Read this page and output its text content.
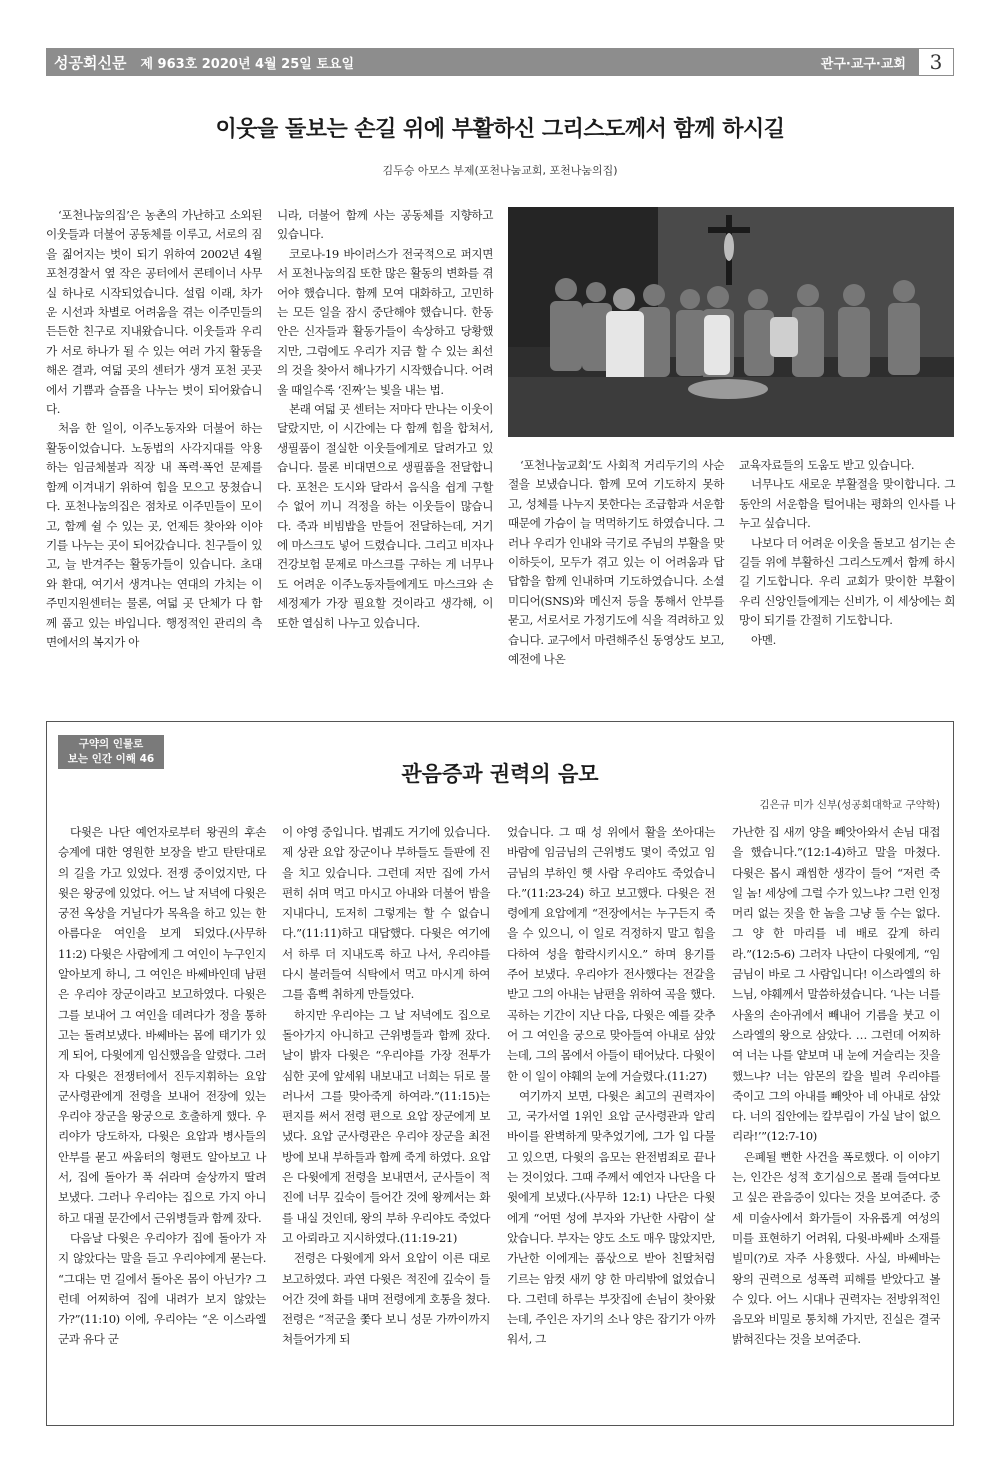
성공회신문 제 963호 2020년 4월 25일 토요일	관구·교구·교회	3
이웃을 돌보는 손길 위에 부활하신 그리스도께서 함께 하시길
김두승 아모스 부제(포천나눔교회, 포천나눔의집)

‘포천나눔의집’은 농촌의 가난하고 소외된 이웃들과 더불어 공동체를 이루고, 서로의 짐을 짊어지는 벗이 되기 위하여 2002년 4월 포천경찰서 옆 작은 공터에서 콘테이너 사무실 하나로 시작되었습니다. 설립 이래, 차가운 시선과 차별로 어려움을 겪는 이주민들의 든든한 친구로 지내왔습니다. 이웃들과 우리가 서로 하나가 될 수 있는 여러 가지 활동을 해온 결과, 여덟 곳의 센터가 생겨 포천 곳곳에서 기쁨과 슬픔을 나누는 벗이 되어왔습니다.

처음 한 일이, 이주노동자와 더불어 하는 활동이었습니다. 노동법의 사각지대를 악용하는 임금체불과 직장 내 폭력·폭언 문제를 함께 이겨내기 위하여 힘을 모으고 뭉쳤습니다. 포천나눔의집은 점차로 이주민들이 모이고, 함께 쉴 수 있는 곳, 언제든 찾아와 이야기를 나누는 곳이 되어갔습니다. 친구들이 있고, 늘 반겨주는 활동가들이 있습니다. 초대와 환대, 여기서 생겨나는 연대의 가치는 이주민지원센터는 물론, 여덟 곳 단체가 다 함께 품고 있는 바입니다. 행정적인 관리의 측면에서의 복지가 아

니라, 더불어 함께 사는 공동체를 지향하고 있습니다.

코로나-19 바이러스가 전국적으로 퍼지면서 포천나눔의집 또한 많은 활동의 변화를 겪어야 했습니다. 함께 모여 대화하고, 고민하는 모든 일을 잠시 중단해야 했습니다. 한동안은 신자들과 활동가들이 속상하고 당황했지만, 그럼에도 우리가 지금 할 수 있는 최선의 것을 찾아서 해나가기 시작했습니다. 어려울 때일수록 ‘진짜’는 빛을 내는 법.

본래 여덟 곳 센터는 저마다 만나는 이웃이 달랐지만, 이 시간에는 다 함께 힘을 합쳐서, 생필품이 절실한 이웃들에게로 달려가고 있습니다. 물론 비대면으로 생필품을 전달합니다. 포천은 도시와 달라서 음식을 쉽게 구할 수 없어 끼니 걱정을 하는 이웃들이 많습니다. 죽과 비빔밥을 만들어 전달하는데, 거기에 마스크도 넣어 드렸습니다. 그리고 비자나 건강보험 문제로 마스크를 구하는 게 너무나도 어려운 이주노동자들에게도 마스크와 손 세정제가 가장 필요할 것이라고 생각해, 이 또한 열심히 나누고 있습니다.

‘포천나눔교회’도 사회적 거리두기의 사순절을 보냈습니다. 함께 모여 기도하지 못하고, 성체를 나누지 못한다는 조급함과 서운함 때문에 가슴이 늘 먹먹하기도 하였습니다. 그러나 우리가 인내와 극기로 주님의 부활을 맞이하듯이, 모두가 겪고 있는 이 어려움과 답답함을 함께 인내하며 기도하였습니다. 소셜미디어(SNS)와 메신저 등을 통해서 안부를 묻고, 서로서로 가정기도에 식을 격려하고 있습니다. 교구에서 마련해주신 동영상도 보고, 예전에 나온

교육자료들의 도움도 받고 있습니다.

너무나도 새로운 부활절을 맞이합니다. 그동안의 서운함을 털어내는 평화의 인사를 나누고 싶습니다.

나보다 더 어려운 이웃을 돌보고 섬기는 손길들 위에 부활하신 그리스도께서 함께 하시길 기도합니다. 우리 교회가 맞이한 부활이 우리 신앙인들에게는 신비가, 이 세상에는 희망이 되기를 간절히 기도합니다.

아멘.

구약의 인물로
보는 인간 이해 46
관음증과 권력의 음모
김은규 미가 신부(성공회대학교 구약학)

다윗은 나단 예언자로부터 왕권의 후손 승계에 대한 영원한 보장을 받고 탄탄대로의 길을 가고 있었다. 전쟁 중이었지만, 다윗은 왕궁에 있었다. 어느 날 저녁에 다윗은 궁전 옥상을 거닐다가 목욕을 하고 있는 한 아름다운 여인을 보게 되었다.(사무하 11:2) 다윗은 사람에게 그 여인이 누구인지 알아보게 하니, 그 여인은 바쎄바인데 남편은 우리야 장군이라고 보고하였다. 다윗은 그를 보내어 그 여인을 데려다가 정을 통하고는 돌려보냈다. 바쎄바는 몸에 태기가 있게 되어, 다윗에게 임신했음을 알렸다. 그러자 다윗은 전쟁터에서 진두지휘하는 요압 군사령관에게 전령을 보내어 전장에 있는 우리야 장군을 왕궁으로 호출하게 했다. 우리야가 당도하자, 다윗은 요압과 병사들의 안부를 묻고 싸움터의 형편도 알아보고 나서, 집에 돌아가 푹 쉬라며 술상까지 딸려 보냈다. 그러나 우리야는 집으로 가지 아니하고 대궐 문간에서 근위병들과 함께 잤다.

다음날 다윗은 우리야가 집에 돌아가 자지 않았다는 말을 듣고 우리야에게 묻는다. “그대는 먼 길에서 돌아온 몸이 아닌가? 그런데 어찌하여 집에 내려가 보지 않았는가?”(11:10) 이에, 우리야는 “온 이스라엘 군과 유다 군

이 야영 중입니다. 법궤도 거기에 있습니다. 제 상관 요압 장군이나 부하들도 들판에 진을 치고 있습니다. 그런데 저만 집에 가서 편히 쉬며 먹고 마시고 아내와 더불어 밤을 지내다니, 도저히 그렇게는 할 수 없습니다.”(11:11)하고 대답했다. 다윗은 여기에서 하루 더 지내도록 하고 나서, 우리야를 다시 불러들여 식탁에서 먹고 마시게 하여 그를 흠뻑 취하게 만들었다.

하지만 우리야는 그 날 저녁에도 집으로 돌아가지 아니하고 근위병들과 함께 잤다. 날이 밝자 다윗은 “우리야를 가장 전투가 심한 곳에 앞세워 내보내고 너희는 뒤로 물러나서 그를 맞아죽게 하여라.”(11:15)는 편지를 써서 전령 편으로 요압 장군에게 보냈다. 요압 군사령관은 우리야 장군을 최전방에 보내 부하들과 함께 죽게 하였다. 요압은 다윗에게 전령을 보내면서, 군사들이 적진에 너무 깊숙이 들어간 것에 왕께서는 화를 내실 것인데, 왕의 부하 우리야도 죽었다고 아뢰라고 지시하였다.(11:19-21)

전령은 다윗에게 와서 요압이 이른 대로 보고하였다. 과연 다윗은 적진에 깊숙이 들어간 것에 화를 내며 전령에게 호통을 쳤다. 전령은 “적군을 쫓다 보니 성문 가까이까지 쳐들어가게 되

었습니다. 그 때 성 위에서 활을 쏘아대는 바람에 임금님의 근위병도 몇이 죽었고 임금님의 부하인 헷 사람 우리야도 죽었습니다.”(11:23-24) 하고 보고했다. 다윗은 전령에게 요압에게 “전장에서는 누구든지 죽을 수 있으니, 이 일로 걱정하지 말고 힘을 다하여 성을 함락시키시오.” 하며 용기를 주어 보냈다. 우리야가 전사했다는 전갈을 받고 그의 아내는 남편을 위하여 곡을 했다. 곡하는 기간이 지난 다음, 다윗은 예를 갖추어 그 여인을 궁으로 맞아들여 아내로 삼았는데, 그의 몸에서 아들이 태어났다. 다윗이 한 이 일이 야훼의 눈에 거슬렸다.(11:27)

여기까지 보면, 다윗은 최고의 권력자이고, 국가서열 1위인 요압 군사령관과 알리바이를 완벽하게 맞추었기에, 그가 입 다물고 있으면, 다윗의 음모는 완전범죄로 끝나는 것이었다. 그때 주께서 예언자 나단을 다윗에게 보냈다.(사무하 12:1) 나단은 다윗에게 “어떤 성에 부자와 가난한 사람이 살았습니다. 부자는 양도 소도 매우 많았지만, 가난한 이에게는 품삯으로 받아 친딸처럼 기르는 암컷 새끼 양 한 마리밖에 없었습니다. 그런데 하루는 부잣집에 손님이 찾아왔는데, 주인은 자기의 소나 양은 잡기가 아까워서, 그

가난한 집 새끼 양을 빼앗아와서 손님 대접을 했습니다.”(12:1-4)하고 말을 마쳤다. 다윗은 몹시 괘씸한 생각이 들어 “저런 죽일 놈! 세상에 그럴 수가 있느냐? 그런 인정머리 없는 짓을 한 놈을 그냥 둘 수는 없다. 그 양 한 마리를 네 배로 갚게 하리라.”(12:5-6) 그러자 나단이 다윗에게, “임금님이 바로 그 사람입니다! 이스라엘의 하느님, 야훼께서 말씀하셨습니다. ‘나는 너를 사울의 손아귀에서 빼내어 기름을 붓고 이스라엘의 왕으로 삼았다. … 그런데 어찌하여 너는 나를 얕보며 내 눈에 거슬리는 짓을 했느냐? 너는 암몬의 칼을 빌려 우리야를 죽이고 그의 아내를 빼앗아 네 아내로 삼았다. 너의 집안에는 칼부림이 가실 날이 없으리라!’”(12:7-10)

은폐될 뻔한 사건을 폭로했다. 이 이야기는, 인간은 성적 호기심으로 몰래 들여다보고 싶은 관음증이 있다는 것을 보여준다. 중세 미술사에서 화가들이 자유롭게 여성의 미를 표현하기 어려워, 다윗-바쎄바 소재를 빌미(?)로 자주 사용했다. 사실, 바쎄바는 왕의 권력으로 성폭력 피해를 받았다고 볼 수 있다. 어느 시대나 권력자는 전방위적인 음모와 비밀로 통치해 가지만, 진실은 결국 밝혀진다는 것을 보여준다.
